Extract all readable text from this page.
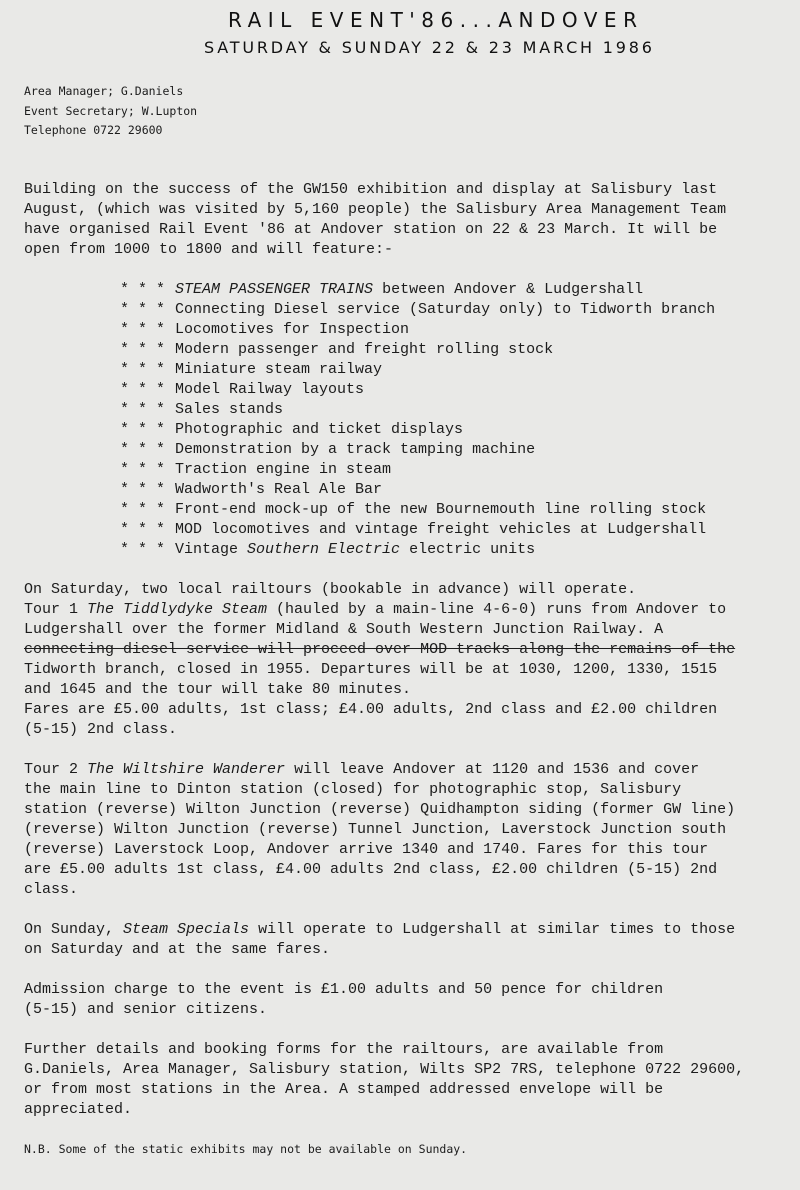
RAIL EVENT'86...ANDOVER
SATURDAY & SUNDAY 22 & 23 MARCH 1986
Area Manager; G.Daniels
Event Secretary; W.Lupton
Telephone 0722 29600
Building on the success of the GW150 exhibition and display at Salisbury last
August, (which was visited by 5,160 people) the Salisbury Area Management Team
have organised Rail Event '86 at Andover station on 22 & 23 March. It will be
open from 1000 to 1800 and will feature:-
* * * STEAM PASSENGER TRAINS between Andover & Ludgershall
* * * Connecting Diesel service (Saturday only) to Tidworth branch
* * * Locomotives for Inspection
* * * Modern passenger and freight rolling stock
* * * Miniature steam railway
* * * Model Railway layouts
* * * Sales stands
* * * Photographic and ticket displays
* * * Demonstration by a track tamping machine
* * * Traction engine in steam
* * * Wadworth's Real Ale Bar
* * * Front-end mock-up of the new Bournemouth line rolling stock
* * * MOD locomotives and vintage freight vehicles at Ludgershall
* * * Vintage Southern Electric electric units
On Saturday, two local railtours (bookable in advance) will operate.
Tour 1 The Tiddlydyke Steam (hauled by a main-line 4-6-0) runs from Andover to
Ludgershall over the former Midland & South Western Junction Railway. A
connecting diesel service will proceed over MOD tracks along the remains of the
Tidworth branch, closed in 1955. Departures will be at 1030, 1200, 1330, 1515
and 1645 and the tour will take 80 minutes.
Fares are £5.00 adults, 1st class; £4.00 adults, 2nd class and £2.00 children
(5-15) 2nd class.
Tour 2 The Wiltshire Wanderer will leave Andover at 1120 and 1536 and cover
the main line to Dinton station (closed) for photographic stop, Salisbury
station (reverse) Wilton Junction (reverse) Quidhampton siding (former GW line)
(reverse) Wilton Junction (reverse) Tunnel Junction, Laverstock Junction south
(reverse) Laverstock Loop, Andover arrive 1340 and 1740. Fares for this tour
are £5.00 adults 1st class, £4.00 adults 2nd class, £2.00 children (5-15) 2nd
class.
On Sunday, Steam Specials will operate to Ludgershall at similar times to those
on Saturday and at the same fares.
Admission charge to the event is £1.00 adults and 50 pence for children
(5-15) and senior citizens.
Further details and booking forms for the railtours, are available from
G.Daniels, Area Manager, Salisbury station, Wilts SP2 7RS, telephone 0722 29600,
or from most stations in the Area. A stamped addressed envelope will be
appreciated.
N.B. Some of the static exhibits may not be available on Sunday.
